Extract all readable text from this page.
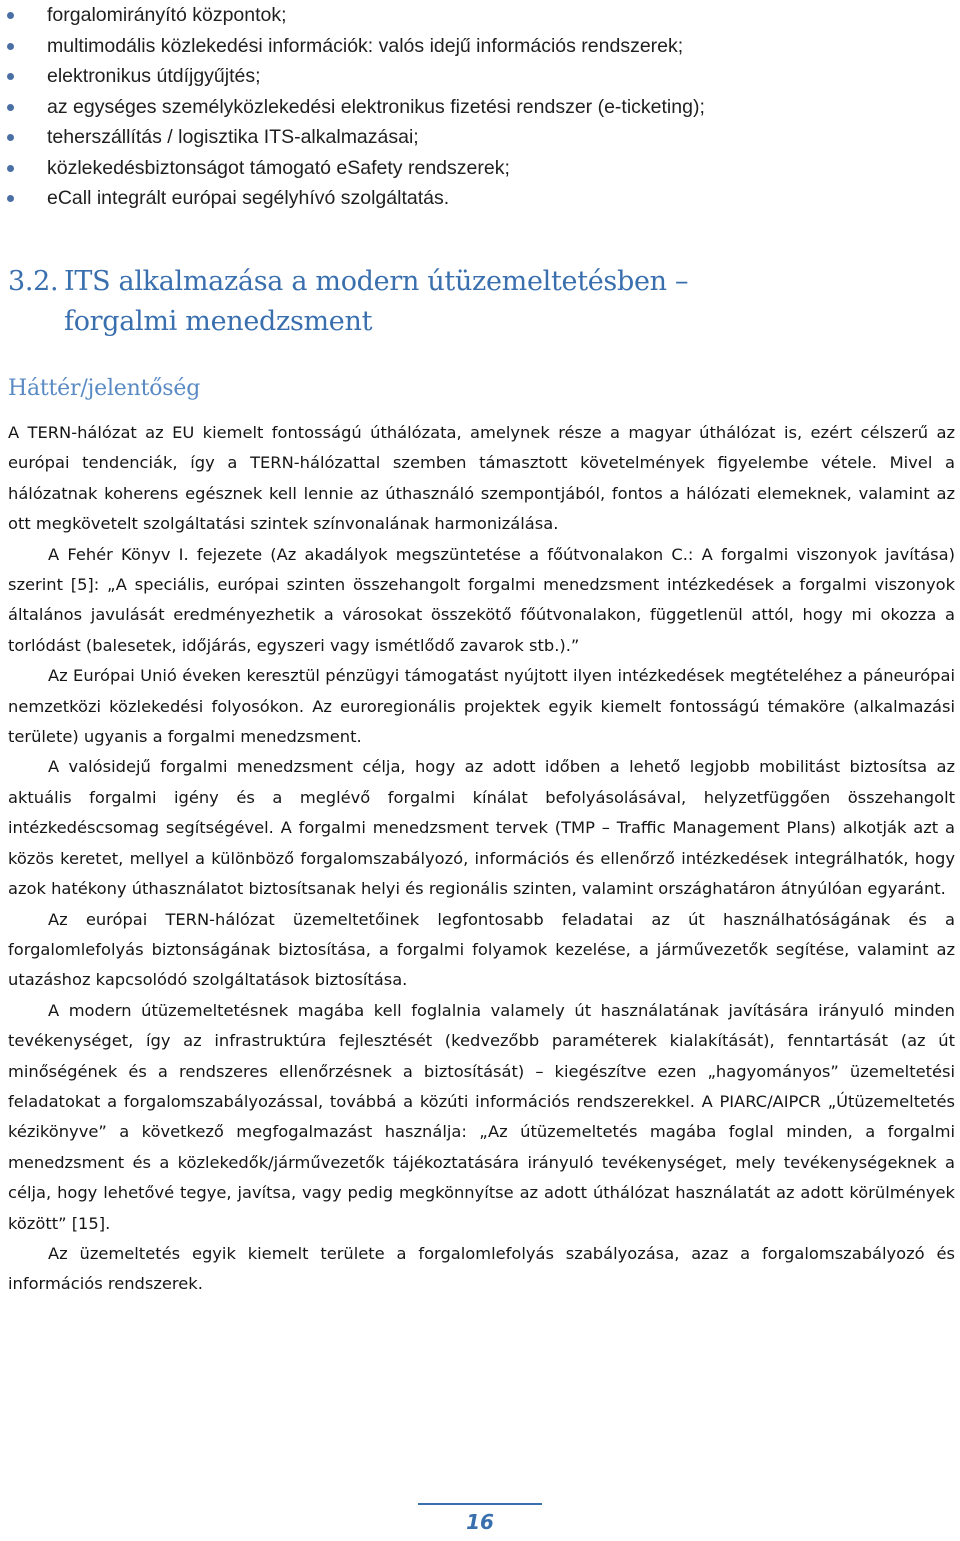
forgalomirányító központok;
multimodális közlekedési információk: valós idejű információs rendszerek;
elektronikus útdíjgyűjtés;
az egységes személyközlekedési elektronikus fizetési rendszer (e-ticketing);
teherszállítás / logisztika ITS-alkalmazásai;
közlekedésbiztonságot támogató eSafety rendszerek;
eCall integrált európai segélyhívó szolgáltatás.
3.2. ITS alkalmazása a modern útüzemeltetésben –
forgalmi menedzsment
Háttér/jelentőség

A TERN-hálózat az EU kiemelt fontosságú úthálózata, amelynek része a magyar úthálózat is, ezért célszerű az európai tendenciák, így a TERN-hálózattal szemben támasztott követelmények figyelembe vétele. Mivel a hálózatnak koherens egésznek kell lennie az úthasználó szempontjából, fontos a hálózati elemeknek, valamint az ott megkövetelt szolgáltatási szintek színvonalának harmonizálása.

A Fehér Könyv I. fejezete (Az akadályok megszüntetése a főútvonalakon C.: A forgalmi viszonyok javítása) szerint [5]: „A speciális, európai szinten összehangolt forgalmi menedzsment intézkedések a forgalmi viszonyok általános javulását eredményezhetik a városokat összekötő főútvonalakon, függetlenül attól, hogy mi okozza a torlódást (balesetek, időjárás, egyszeri vagy ismétlődő zavarok stb.).”

Az Európai Unió éveken keresztül pénzügyi támogatást nyújtott ilyen intézkedések megtételéhez a páneurópai nemzetközi közlekedési folyosókon. Az euroregionális projektek egyik kiemelt fontosságú témaköre (alkalmazási területe) ugyanis a forgalmi menedzsment.

A valósidejű forgalmi menedzsment célja, hogy az adott időben a lehető legjobb mobilitást biztosítsa az aktuális forgalmi igény és a meglévő forgalmi kínálat befolyásolásával, helyzetfüggően összehangolt intézkedéscsomag segítségével. A forgalmi menedzsment tervek (TMP – Traffic Management Plans) alkotják azt a közös keretet, mellyel a különböző forgalomszabályozó, információs és ellenőrző intézkedések integrálhatók, hogy azok hatékony úthasználatot biztosítsanak helyi és regionális szinten, valamint országhatáron átnyúlóan egyaránt.

Az európai TERN-hálózat üzemeltetőinek legfontosabb feladatai az út használhatóságának és a forgalomlefolyás biztonságának biztosítása, a forgalmi folyamok kezelése, a járművezetők segítése, valamint az utazáshoz kapcsolódó szolgáltatások biztosítása.

A modern útüzemeltetésnek magába kell foglalnia valamely út használatának javítására irányuló minden tevékenységet, így az infrastruktúra fejlesztését (kedvezőbb paraméterek kialakítását), fenntartását (az út minőségének és a rendszeres ellenőrzésnek a biztosítását) – kiegészítve ezen „hagyományos” üzemeltetési feladatokat a forgalomszabályozással, továbbá a közúti információs rendszerekkel. A PIARC/AIPCR „Útüzemeltetés kézikönyve” a következő megfogalmazást használja: „Az útüzemeltetés magába foglal minden, a forgalmi menedzsment és a közlekedők/járművezetők tájékoztatására irányuló tevékenységet, mely tevékenységeknek a célja, hogy lehetővé tegye, javítsa, vagy pedig megkönnyítse az adott úthálózat használatát az adott körülmények között” [15].

Az üzemeltetés egyik kiemelt területe a forgalomlefolyás szabályozása, azaz a forgalomszabályozó és információs rendszerek.

16
